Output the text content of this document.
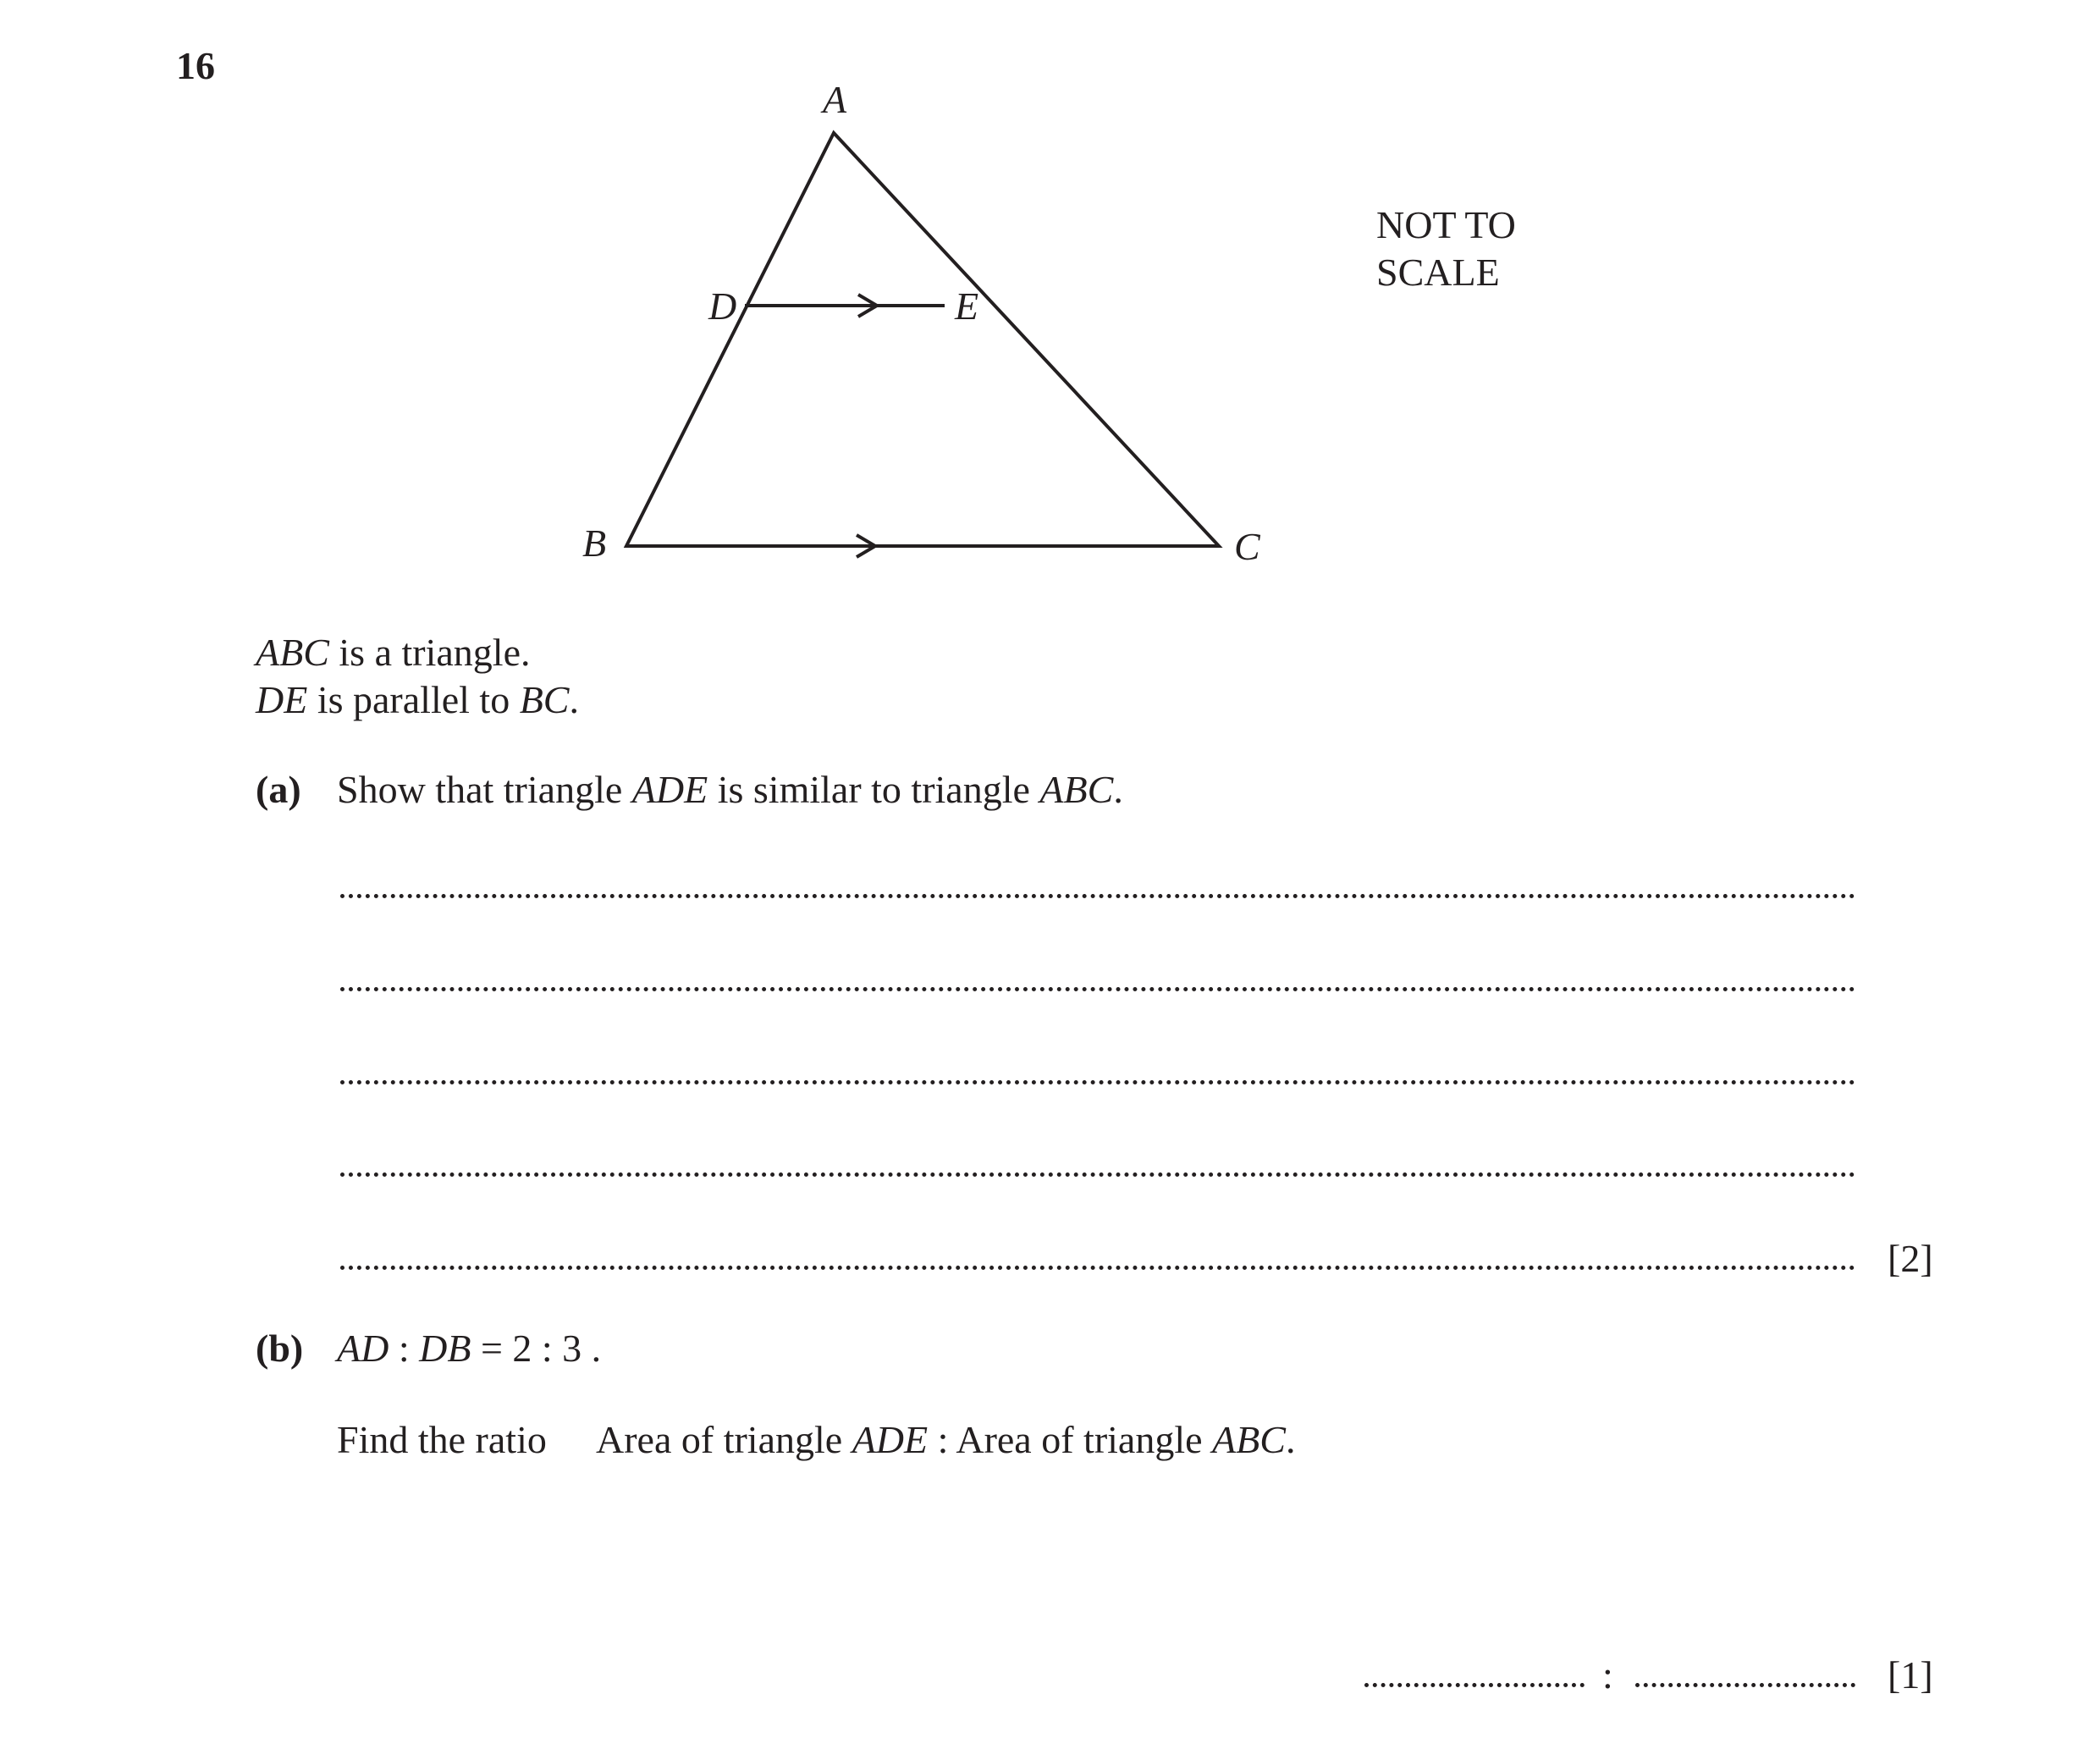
16
A
B	C
D	E
NOT TO
SCALE
ABC is a triangle.
DE is parallel to BC.
(a) Show that triangle ADE is similar to triangle ABC.
[2]
(b) AD : DB = 2 : 3 .
Find the ratio Area of triangle ADE : Area of triangle ABC.
:	[1]
